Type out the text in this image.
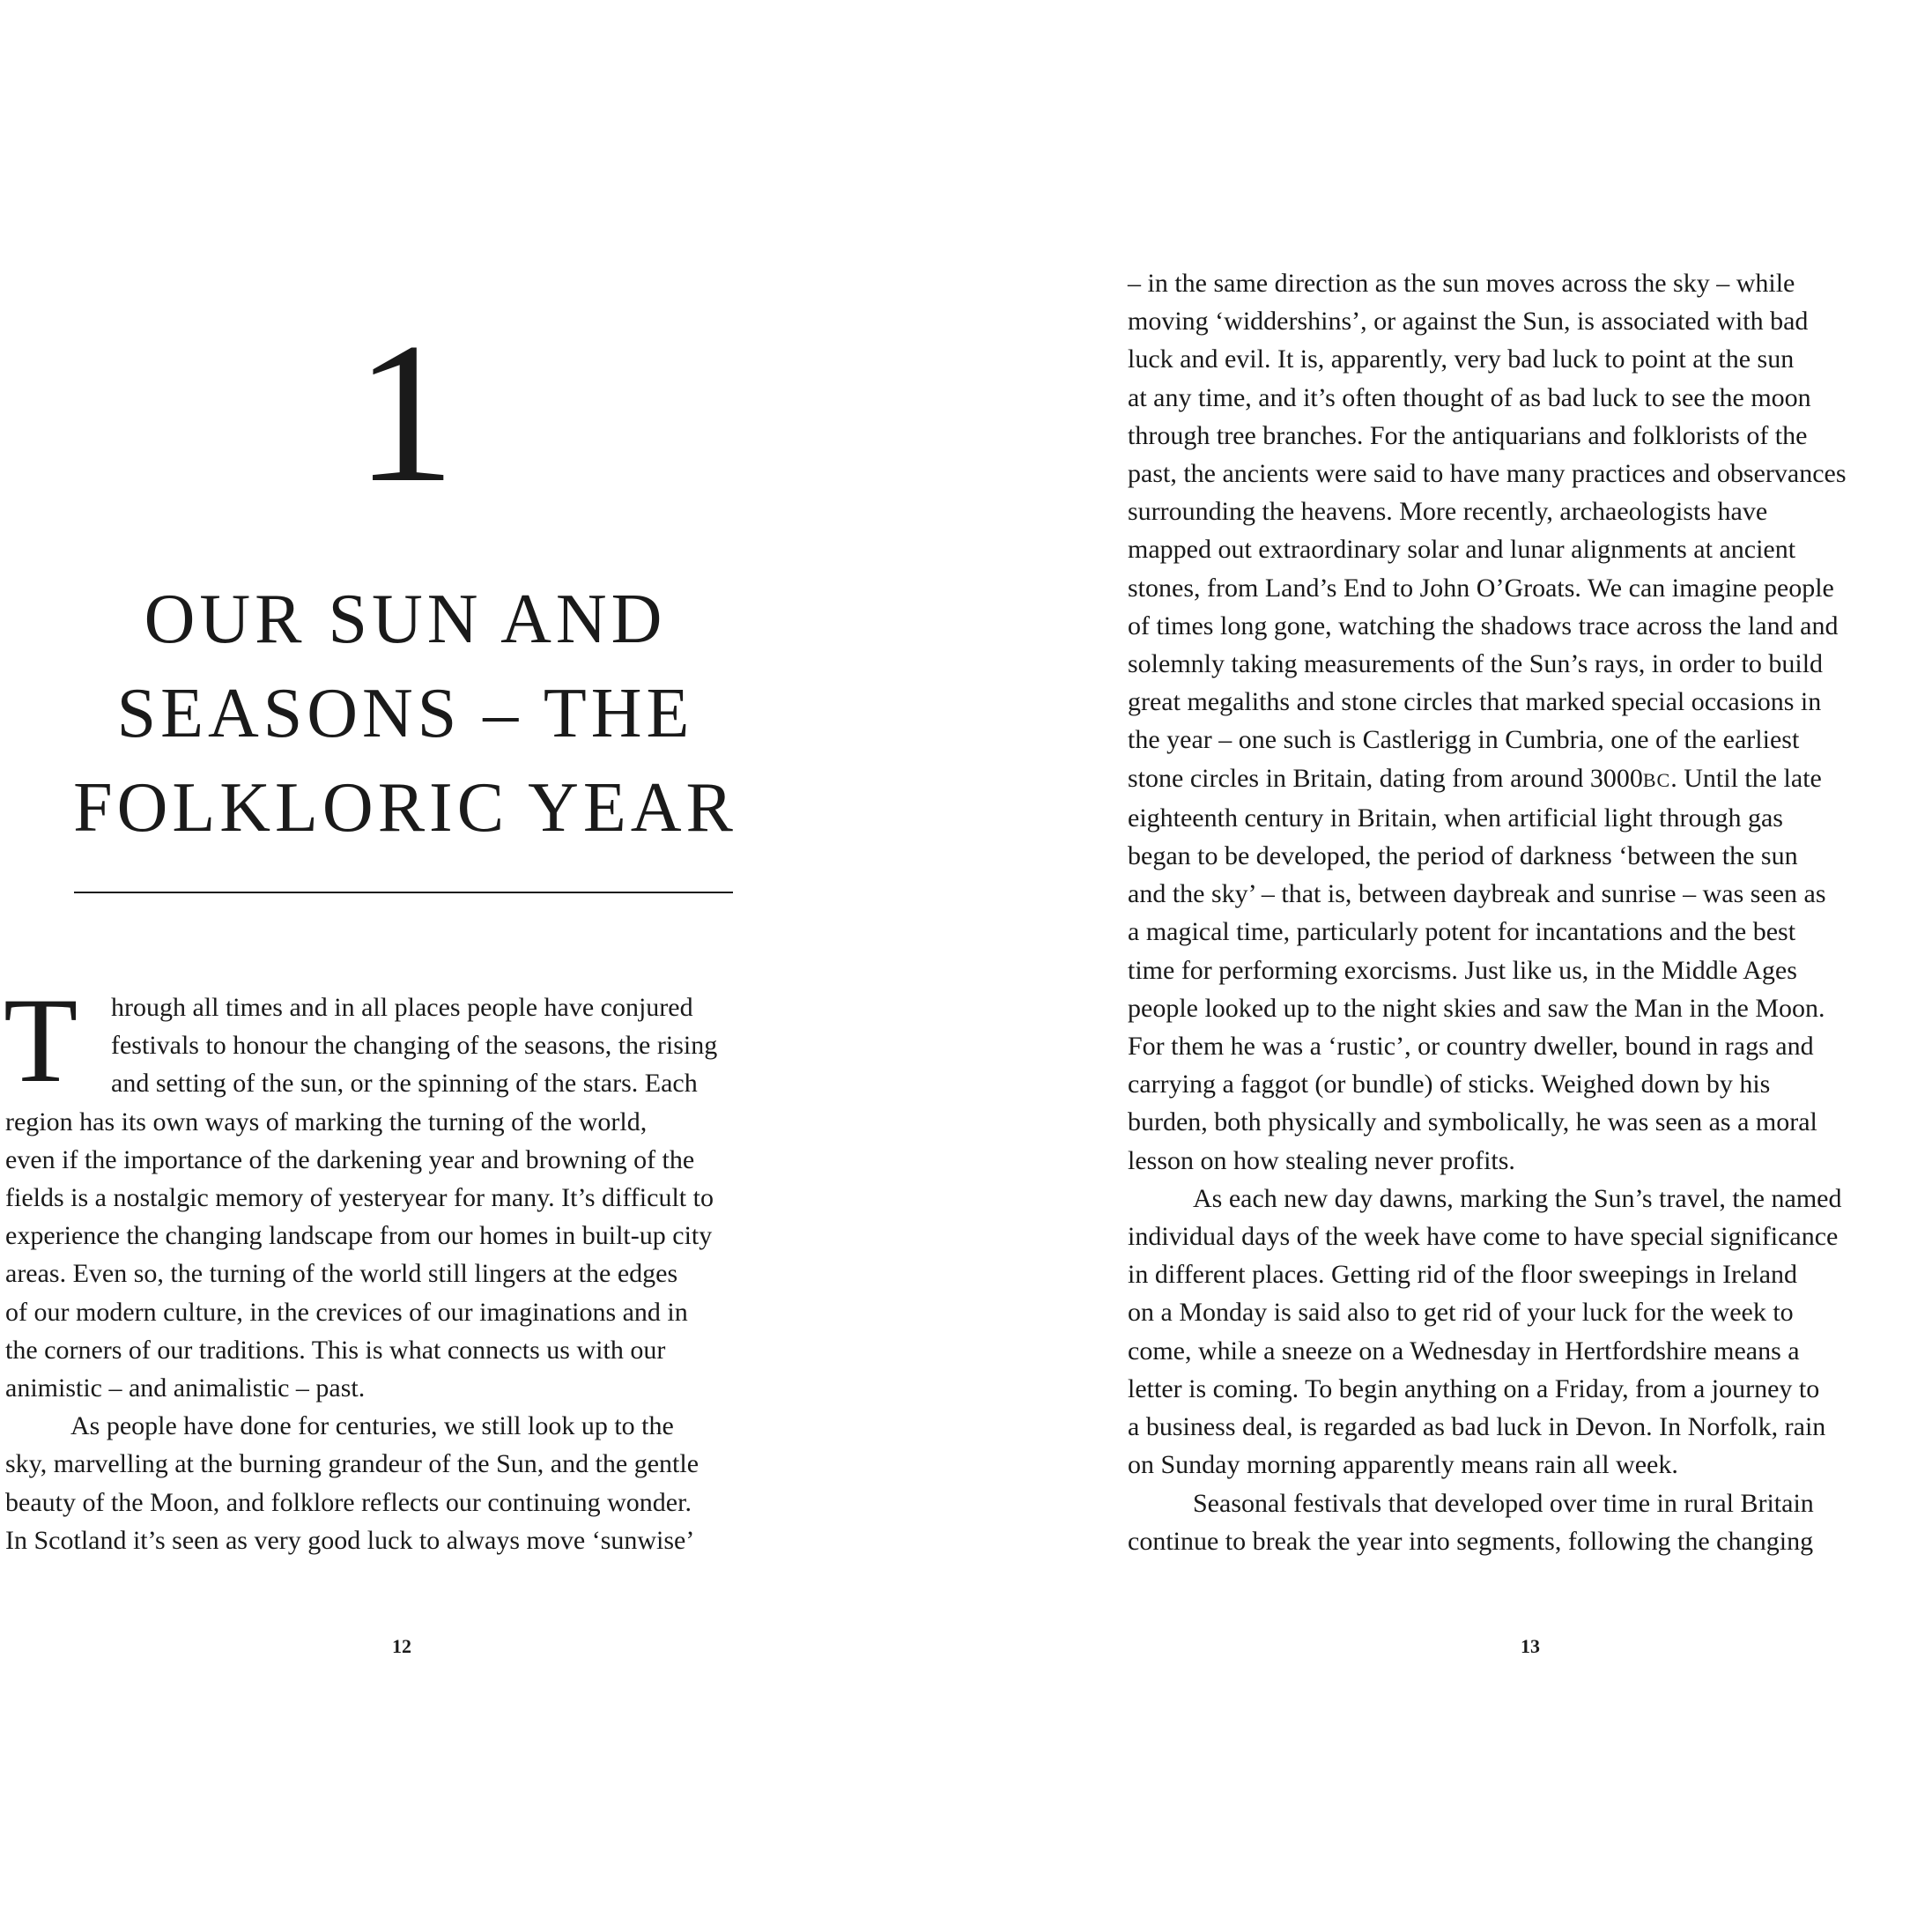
1
OUR SUN AND
SEASONS – THE
FOLKLORIC YEAR
T	hrough all times and in all places people have conjured
festivals to honour the changing of the seasons, the rising
and setting of the sun, or the spinning of the stars. Each
region has its own ways of marking the turning of the world,
even if the importance of the darkening year and browning of the
fields is a nostalgic memory of yesteryear for many. It’s difficult to
experience the changing landscape from our homes in built-up city
areas. Even so, the turning of the world still lingers at the edges
of our modern culture, in the crevices of our imaginations and in
the corners of our traditions. This is what connects us with our
animistic – and animalistic – past.
As people have done for centuries, we still look up to the
sky, marvelling at the burning grandeur of the Sun, and the gentle
beauty of the Moon, and folklore reflects our continuing wonder.
In Scotland it’s seen as very good luck to always move ‘sunwise’
12
– in the same direction as the sun moves across the sky – while
moving ‘widdershins’, or against the Sun, is associated with bad
luck and evil. It is, apparently, very bad luck to point at the sun
at any time, and it’s often thought of as bad luck to see the moon
through tree branches. For the antiquarians and folklorists of the
past, the ancients were said to have many practices and observances
surrounding the heavens. More recently, archaeologists have
mapped out extraordinary solar and lunar alignments at ancient
stones, from Land’s End to John O’Groats. We can imagine people
of times long gone, watching the shadows trace across the land and
solemnly taking measurements of the Sun’s rays, in order to build
great megaliths and stone circles that marked special occasions in
the year – one such is Castlerigg in Cumbria, one of the earliest
stone circles in Britain, dating from around 3000BC. Until the late
eighteenth century in Britain, when artificial light through gas
began to be developed, the period of darkness ‘between the sun
and the sky’ – that is, between daybreak and sunrise – was seen as
a magical time, particularly potent for incantations and the best
time for performing exorcisms. Just like us, in the Middle Ages
people looked up to the night skies and saw the Man in the Moon.
For them he was a ‘rustic’, or country dweller, bound in rags and
carrying a faggot (or bundle) of sticks. Weighed down by his
burden, both physically and symbolically, he was seen as a moral
lesson on how stealing never profits.
As each new day dawns, marking the Sun’s travel, the named
individual days of the week have come to have special significance
in different places. Getting rid of the floor sweepings in Ireland
on a Monday is said also to get rid of your luck for the week to
come, while a sneeze on a Wednesday in Hertfordshire means a
letter is coming. To begin anything on a Friday, from a journey to
a business deal, is regarded as bad luck in Devon. In Norfolk, rain
on Sunday morning apparently means rain all week.
Seasonal festivals that developed over time in rural Britain
continue to break the year into segments, following the changing
13
